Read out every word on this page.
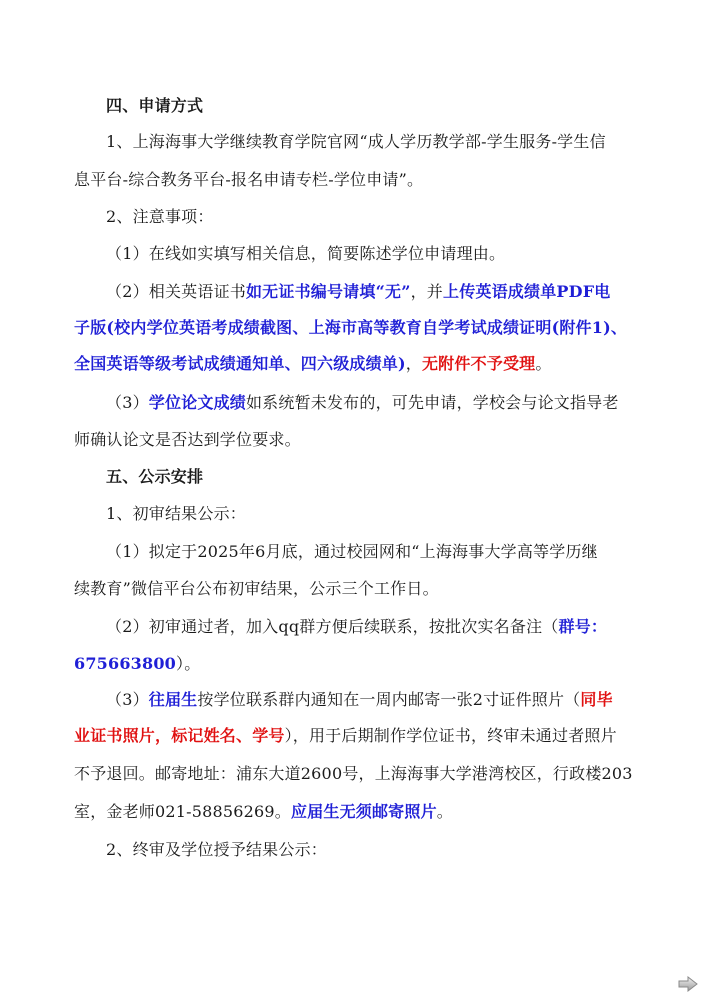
四、申请方式
1、上海海事大学继续教育学院官网“成人学历教学部-学生服务-学生信
息平台-综合教务平台-报名申请专栏-学位申请”。
2、注意事项：
（1）在线如实填写相关信息，简要陈述学位申请理由。
（2）相关英语证书如无证书编号请填“无”，并上传英语成绩单PDF电
子版(校内学位英语考成绩截图、上海市高等教育自学考试成绩证明(附件1)、
全国英语等级考试成绩通知单、四六级成绩单)，无附件不予受理。
（3）学位论文成绩如系统暂未发布的，可先申请，学校会与论文指导老
师确认论文是否达到学位要求。
五、公示安排
1、初审结果公示：
（1）拟定于2025年6月底，通过校园网和“上海海事大学高等学历继
续教育”微信平台公布初审结果，公示三个工作日。
（2）初审通过者，加入qq群方便后续联系，按批次实名备注（群号：
675663800）。
（3）往届生按学位联系群内通知在一周内邮寄一张2寸证件照片（同毕
业证书照片，标记姓名、学号），用于后期制作学位证书，终审未通过者照片
不予退回。邮寄地址：浦东大道2600号，上海海事大学港湾校区，行政楼203
室，金老师021-58856269。应届生无须邮寄照片。
2、终审及学位授予结果公示：
